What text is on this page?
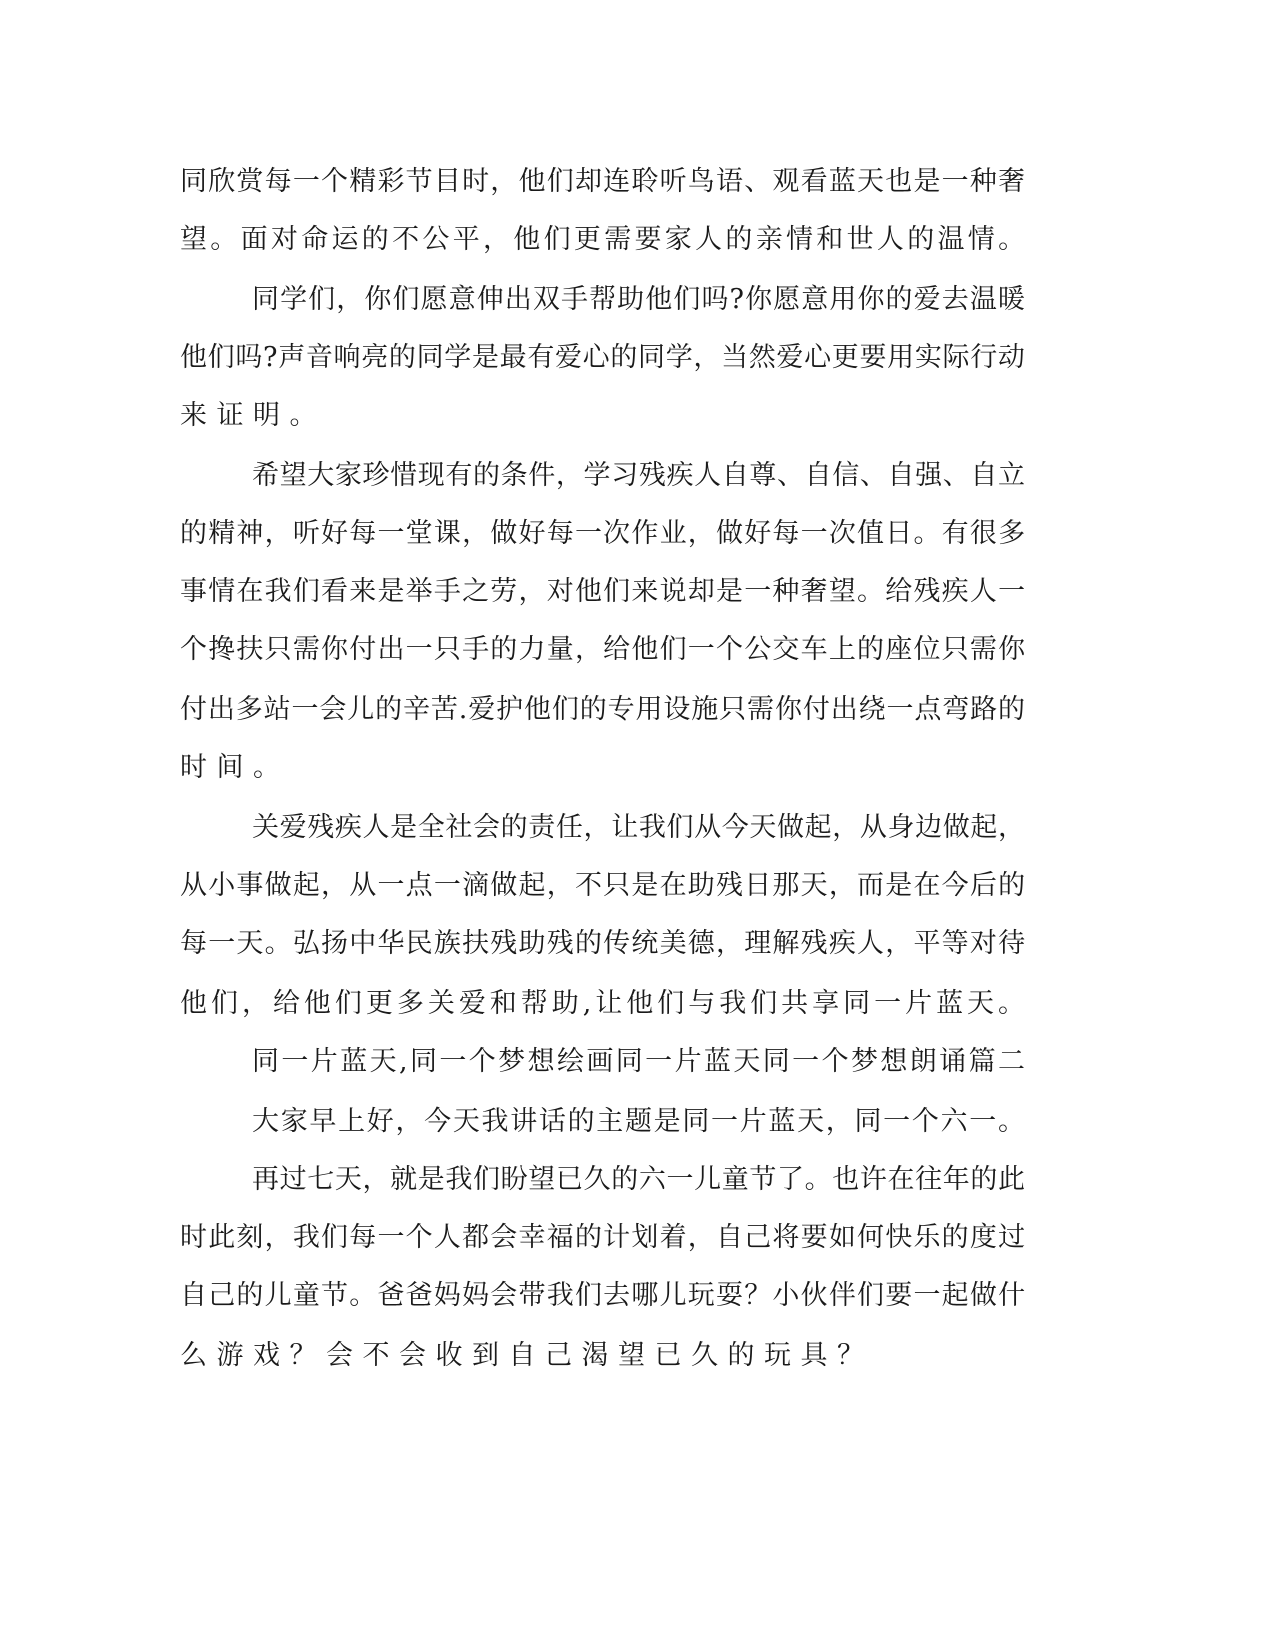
同欣赏每一个精彩节目时，他们却连聆听鸟语、观看蓝天也是一种奢
望。面对命运的不公平，他们更需要家人的亲情和世人的温情。
同学们，你们愿意伸出双手帮助他们吗?你愿意用你的爱去温暖
他们吗?声音响亮的同学是最有爱心的同学，当然爱心更要用实际行动
来证明。
希望大家珍惜现有的条件，学习残疾人自尊、自信、自强、自立
的精神，听好每一堂课，做好每一次作业，做好每一次值日。有很多
事情在我们看来是举手之劳，对他们来说却是一种奢望。给残疾人一
个搀扶只需你付出一只手的力量，给他们一个公交车上的座位只需你
付出多站一会儿的辛苦.爱护他们的专用设施只需你付出绕一点弯路的
时间。
关爱残疾人是全社会的责任，让我们从今天做起，从身边做起，
从小事做起，从一点一滴做起，不只是在助残日那天，而是在今后的
每一天。弘扬中华民族扶残助残的传统美德，理解残疾人，平等对待
他们，给他们更多关爱和帮助,让他们与我们共享同一片蓝天。
同一片蓝天,同一个梦想绘画同一片蓝天同一个梦想朗诵篇二
大家早上好，今天我讲话的主题是同一片蓝天，同一个六一。
再过七天，就是我们盼望已久的六一儿童节了。也许在往年的此
时此刻，我们每一个人都会幸福的计划着，自己将要如何快乐的度过
自己的儿童节。爸爸妈妈会带我们去哪儿玩耍？小伙伴们要一起做什
么游戏？会不会收到自己渴望已久的玩具？
